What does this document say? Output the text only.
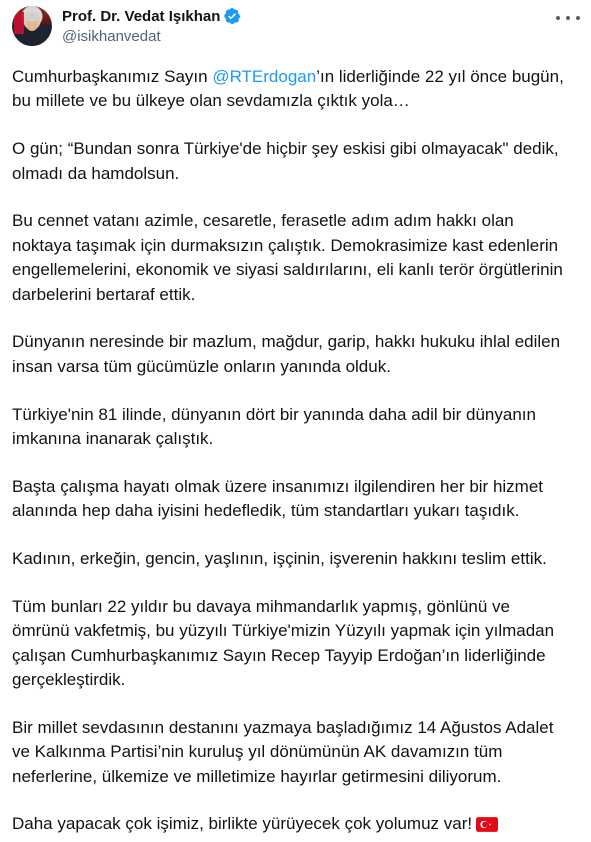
Prof. Dr. Vedat Işıkhan
@isikhanvedat
Cumhurbaşkanımız Sayın @RTErdogan’ın liderliğinde 22 yıl önce bugün,
bu millete ve bu ülkeye olan sevdamızla çıktık yola…
O gün; “Bundan sonra Türkiye'de hiçbir şey eskisi gibi olmayacak" dedik,
olmadı da hamdolsun.
Bu cennet vatanı azimle, cesaretle, ferasetle adım adım hakkı olan
noktaya taşımak için durmaksızın çalıştık. Demokrasimize kast edenlerin
engellemelerini, ekonomik ve siyasi saldırılarını, eli kanlı terör örgütlerinin
darbelerini bertaraf ettik.
Dünyanın neresinde bir mazlum, mağdur, garip, hakkı hukuku ihlal edilen
insan varsa tüm gücümüzle onların yanında olduk.
Türkiye'nin 81 ilinde, dünyanın dört bir yanında daha adil bir dünyanın
imkanına inanarak çalıştık.
Başta çalışma hayatı olmak üzere insanımızı ilgilendiren her bir hizmet
alanında hep daha iyisini hedefledik, tüm standartları yukarı taşıdık.
Kadının, erkeğin, gencin, yaşlının, işçinin, işverenin hakkını teslim ettik.
Tüm bunları 22 yıldır bu davaya mihmandarlık yapmış, gönlünü ve
ömrünü vakfetmiş, bu yüzyılı Türkiye'mizin Yüzyılı yapmak için yılmadan
çalışan Cumhurbaşkanımız Sayın Recep Tayyip Erdoğan’ın liderliğinde
gerçekleştirdik.
Bir millet sevdasının destanını yazmaya başladığımız 14 Ağustos Adalet
ve Kalkınma Partisi’nin kuruluş yıl dönümünün AK davamızın tüm
neferlerine, ülkemize ve milletimize hayırlar getirmesini diliyorum.
Daha yapacak çok işimiz, birlikte yürüyecek çok yolumuz var!
